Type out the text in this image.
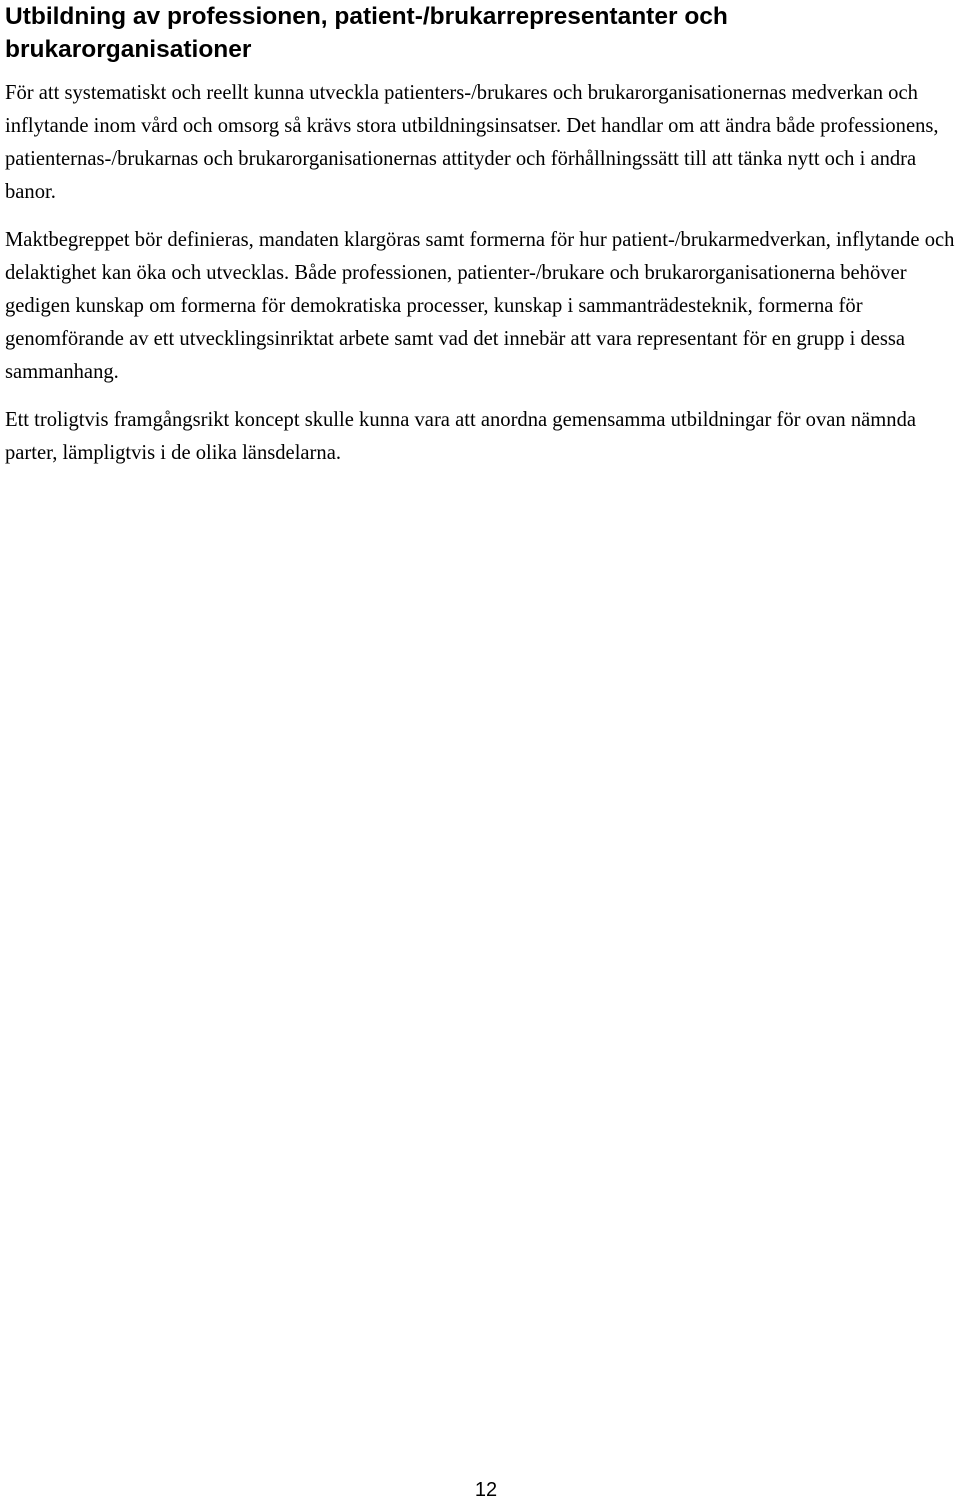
Utbildning av professionen, patient-/brukarrepresentanter och brukarorganisationer

För att systematiskt och reellt kunna utveckla patienters-/brukares och brukarorganisationernas medverkan och inflytande inom vård och omsorg så krävs stora utbildningsinsatser. Det handlar om att ändra både professionens, patienternas-/brukarnas och brukarorganisationernas attityder och förhållningssätt till att tänka nytt och i andra banor.

Maktbegreppet bör definieras, mandaten klargöras samt formerna för hur patient-/brukarmedverkan, inflytande och delaktighet kan öka och utvecklas. Både professionen, patienter-/brukare och brukarorganisationerna behöver gedigen kunskap om formerna för demokratiska processer, kunskap i sammanträdesteknik, formerna för genomförande av ett utvecklingsinriktat arbete samt vad det innebär att vara representant för en grupp i dessa sammanhang.

Ett troligtvis framgångsrikt koncept skulle kunna vara att anordna gemensamma utbildningar för ovan nämnda parter, lämpligtvis i de olika länsdelarna.

12
